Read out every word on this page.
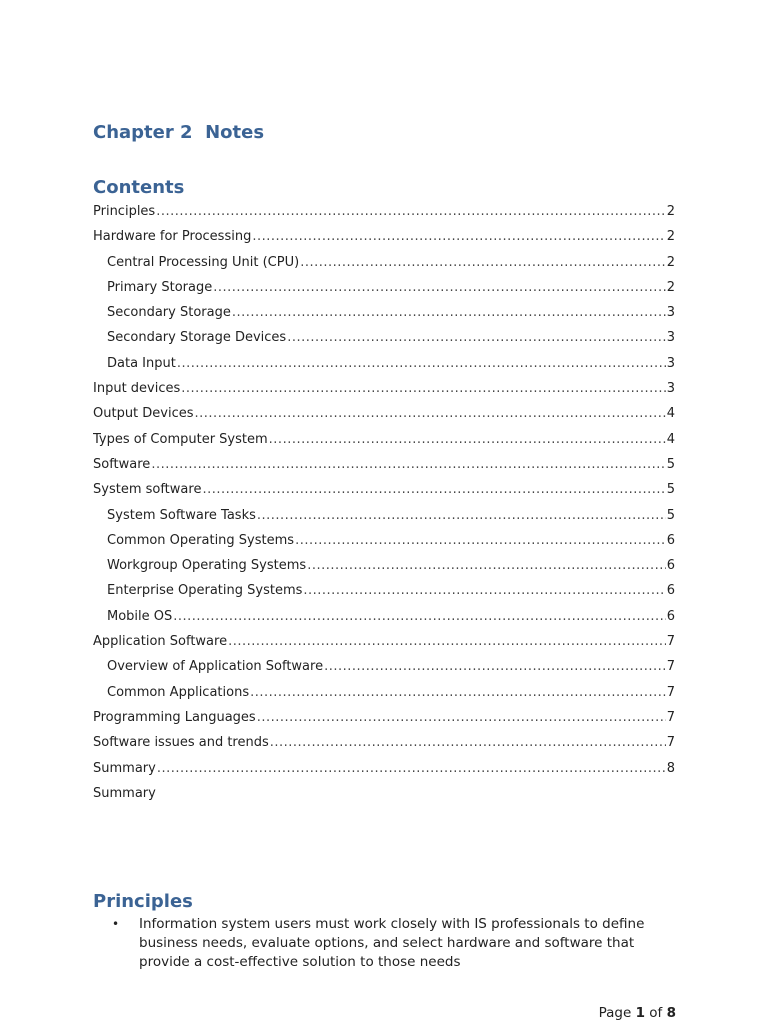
Chapter 2  Notes
Contents
Principles .....	2
Hardware for Processing .....	2
Central Processing Unit (CPU) .....	2
Primary Storage .....	2
Secondary Storage .....	3
Secondary Storage Devices .....	3
Data Input .....	3
Input devices .....	3
Output Devices .....	4
Types of Computer System .....	4
Software .....	5
System software .....	5
System Software Tasks .....	5
Common Operating Systems .....	6
Workgroup Operating Systems .....	6
Enterprise Operating Systems .....	6
Mobile OS .....	6
Application Software .....	7
Overview of Application Software .....	7
Common Applications .....	7
Programming Languages .....	7
Software issues and trends .....	7
Summary .....	8
Summary
Principles
•	Information system users must work closely with IS professionals to define business needs, evaluate options, and select hardware and software that provide a cost-effective solution to those needs
Page 1 of 8
